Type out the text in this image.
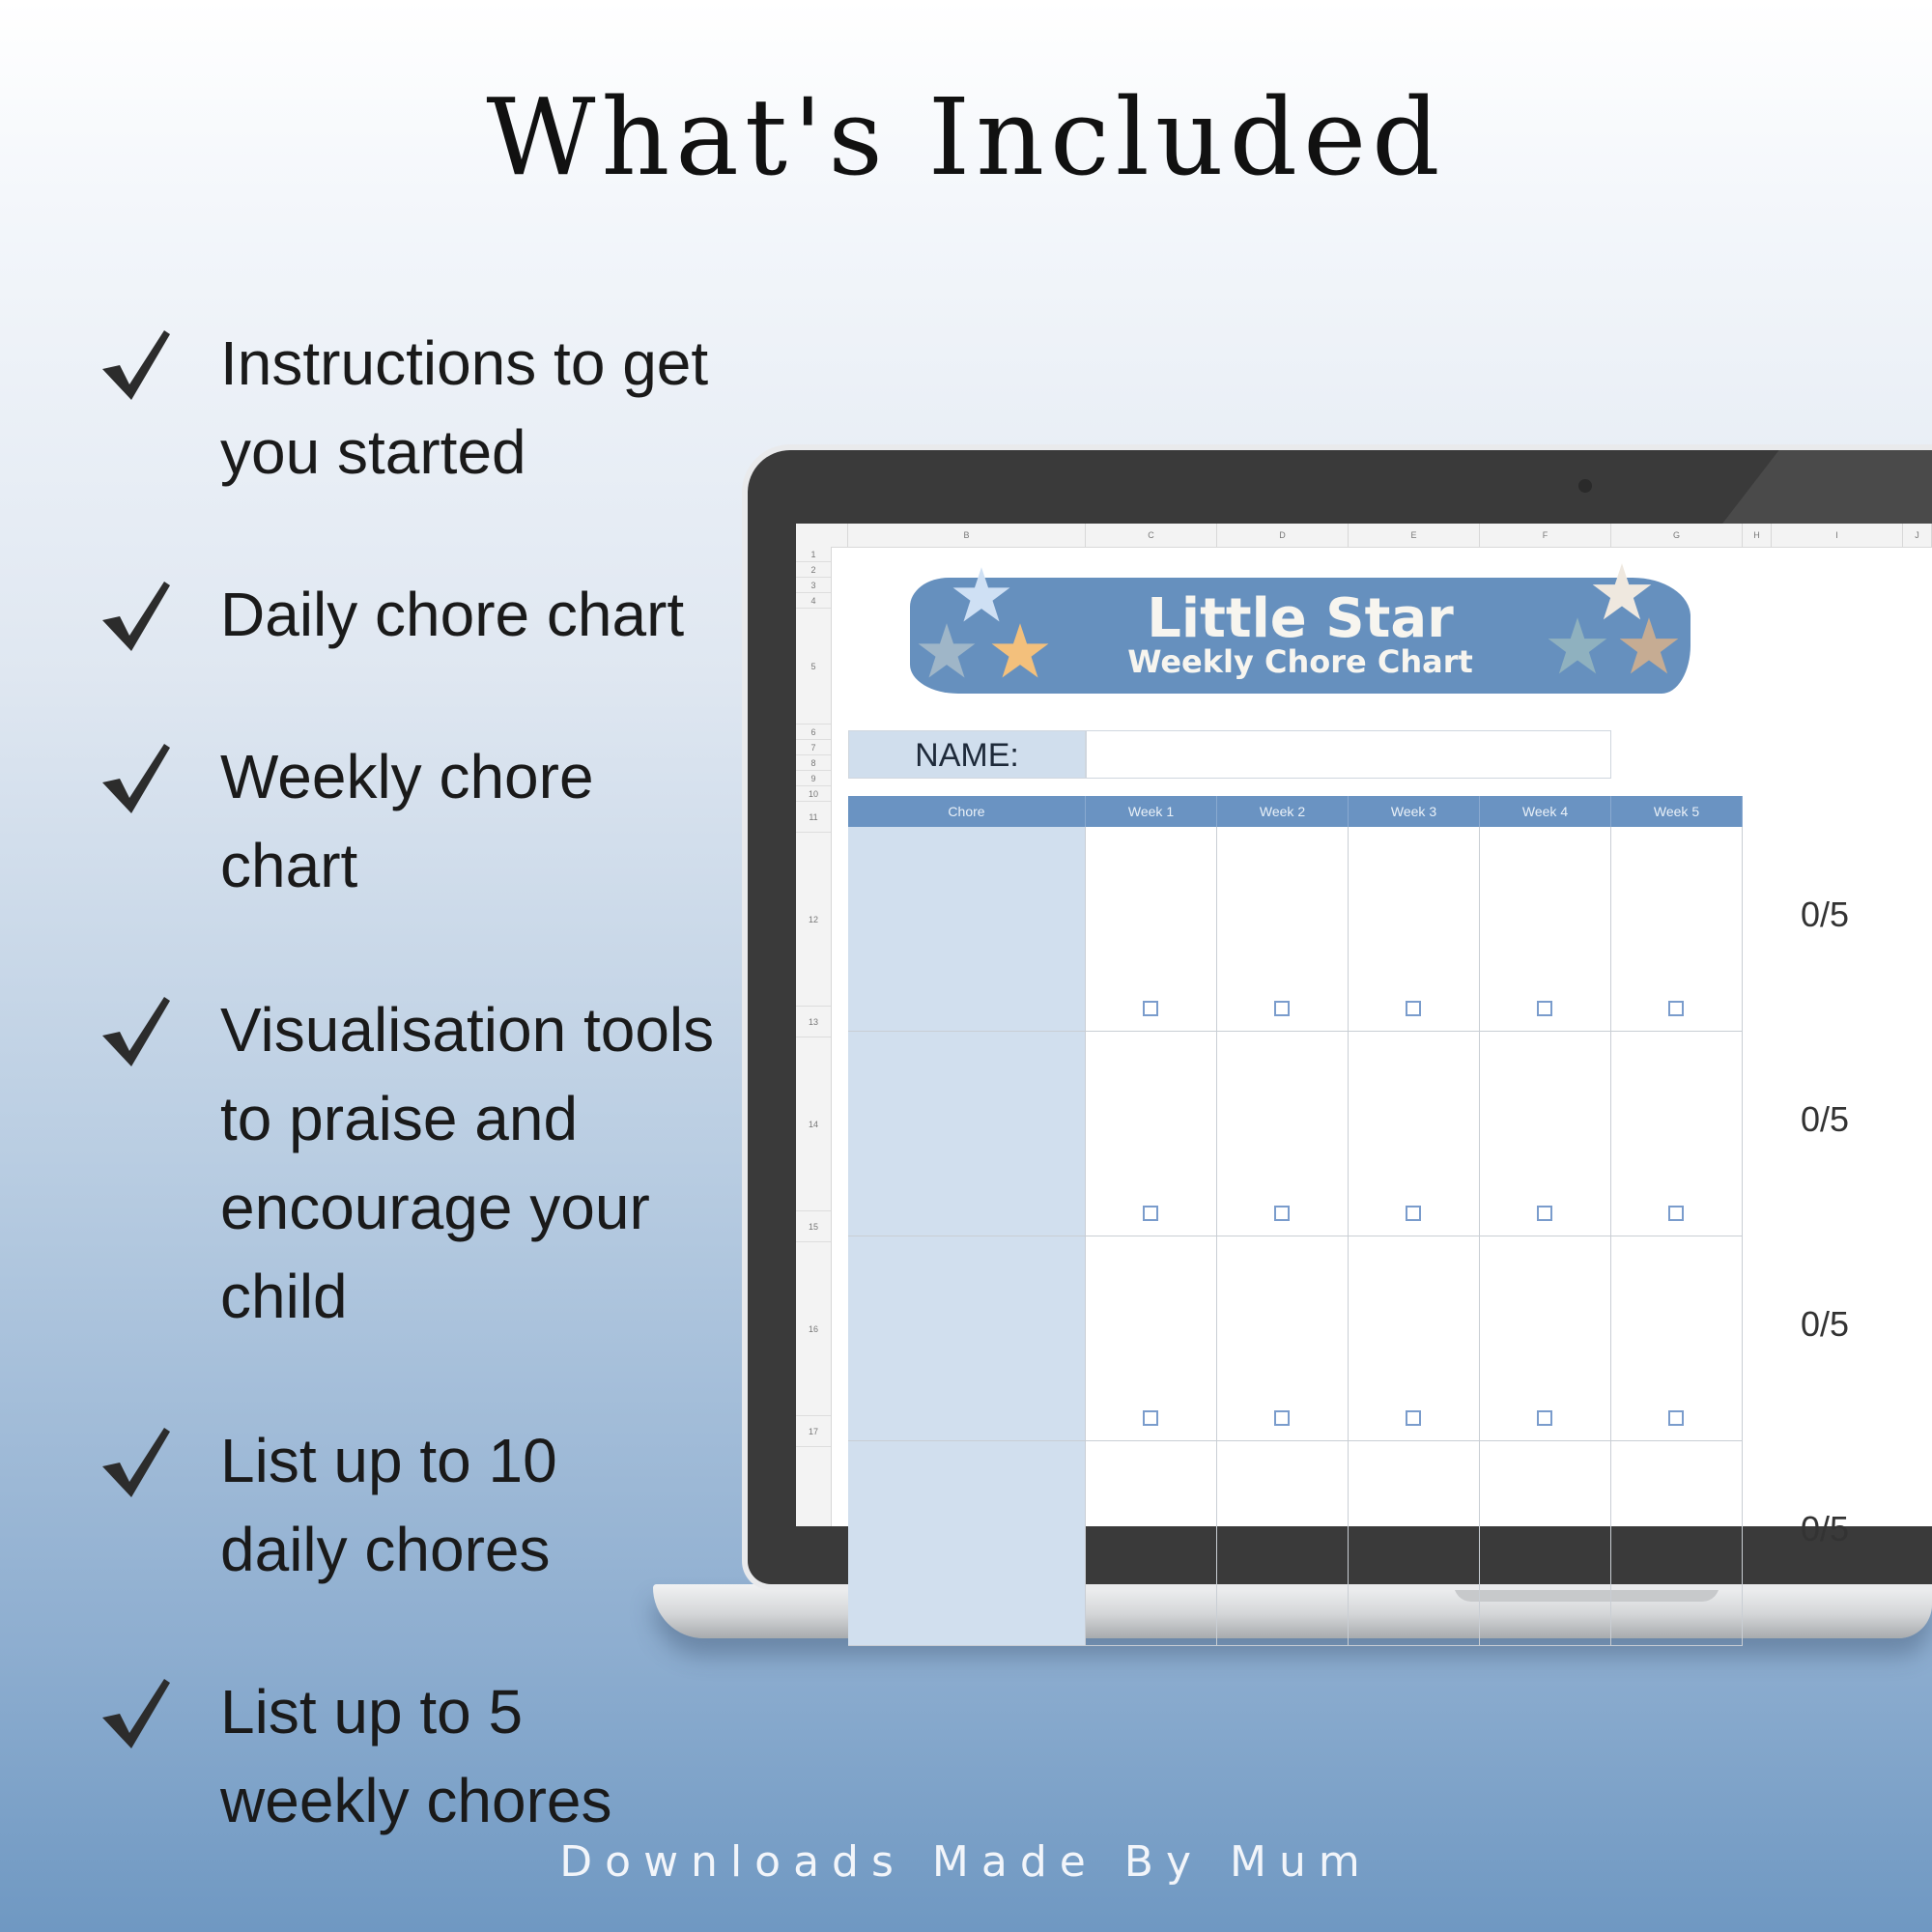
What's Included
Instructions to get
you started
Daily chore chart
Weekly chore
chart
Visualisation tools
to praise and
encourage your
child
List up to 10
daily chores
List up to 5
weekly chores
B	C	D	E	F	G	H	I	J
1
2
3
4
5
6
7
8
9
10
11
12
13
14
15
16
17
Little Star
Weekly Chore Chart
NAME:
Chore	Week 1	Week 2	Week 3	Week 4	Week 5
0/5
0/5
0/5
0/5
Downloads Made By Mum
